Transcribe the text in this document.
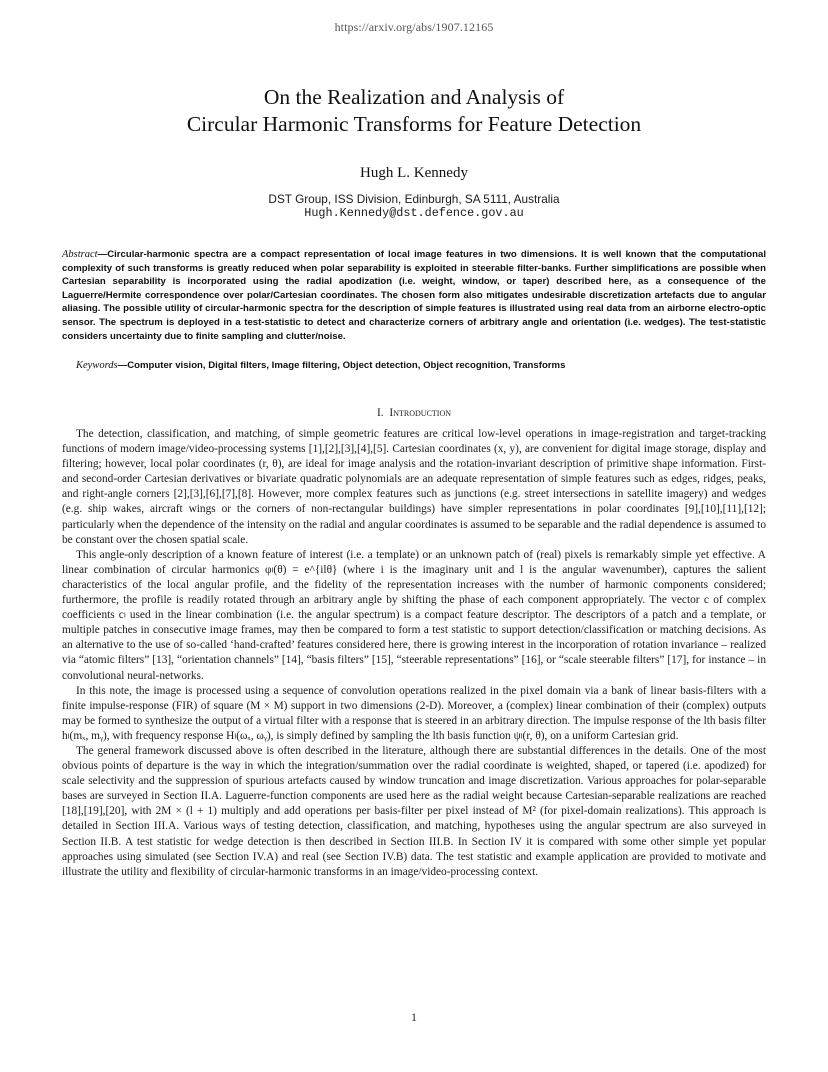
https://arxiv.org/abs/1907.12165
On the Realization and Analysis of
Circular Harmonic Transforms for Feature Detection
Hugh L. Kennedy
DST Group, ISS Division, Edinburgh, SA 5111, Australia
Hugh.Kennedy@dst.defence.gov.au
Abstract—Circular-harmonic spectra are a compact representation of local image features in two dimensions. It is well known that the computational complexity of such transforms is greatly reduced when polar separability is exploited in steerable filter-banks. Further simplifications are possible when Cartesian separability is incorporated using the radial apodization (i.e. weight, window, or taper) described here, as a consequence of the Laguerre/Hermite correspondence over polar/Cartesian coordinates. The chosen form also mitigates undesirable discretization artefacts due to angular aliasing. The possible utility of circular-harmonic spectra for the description of simple features is illustrated using real data from an airborne electro-optic sensor. The spectrum is deployed in a test-statistic to detect and characterize corners of arbitrary angle and orientation (i.e. wedges). The test-statistic considers uncertainty due to finite sampling and clutter/noise.
Keywords—Computer vision, Digital filters, Image filtering, Object detection, Object recognition, Transforms
I. Introduction

The detection, classification, and matching, of simple geometric features are critical low-level operations in image-registration and target-tracking functions of modern image/video-processing systems [1],[2],[3],[4],[5]. Cartesian coordinates (x, y), are convenient for digital image storage, display and filtering; however, local polar coordinates (r, θ), are ideal for image analysis and the rotation-invariant description of primitive shape information. First- and second-order Cartesian derivatives or bivariate quadratic polynomials are an adequate representation of simple features such as edges, ridges, peaks, and right-angle corners [2],[3],[6],[7],[8]. However, more complex features such as junctions (e.g. street intersections in satellite imagery) and wedges (e.g. ship wakes, aircraft wings or the corners of non-rectangular buildings) have simpler representations in polar coordinates [9],[10],[11],[12]; particularly when the dependence of the intensity on the radial and angular coordinates is assumed to be separable and the radial dependence is assumed to be constant over the chosen spatial scale.

This angle-only description of a known feature of interest (i.e. a template) or an unknown patch of (real) pixels is remarkably simple yet effective. A linear combination of circular harmonics φₗ(θ) = e^{ilθ} (where i is the imaginary unit and l is the angular wavenumber), captures the salient characteristics of the local angular profile, and the fidelity of the representation increases with the number of harmonic components considered; furthermore, the profile is readily rotated through an arbitrary angle by shifting the phase of each component appropriately. The vector c of complex coefficients cₗ used in the linear combination (i.e. the angular spectrum) is a compact feature descriptor. The descriptors of a patch and a template, or multiple patches in consecutive image frames, may then be compared to form a test statistic to support detection/classification or matching decisions. As an alternative to the use of so-called ‘hand-crafted’ features considered here, there is growing interest in the incorporation of rotation invariance – realized via “atomic filters” [13], “orientation channels” [14], “basis filters” [15], “steerable representations” [16], or “scale steerable filters” [17], for instance – in convolutional neural-networks.

In this note, the image is processed using a sequence of convolution operations realized in the pixel domain via a bank of linear basis-filters with a finite impulse-response (FIR) of square (M × M) support in two dimensions (2-D). Moreover, a (complex) linear combination of their (complex) outputs may be formed to synthesize the output of a virtual filter with a response that is steered in an arbitrary direction. The impulse response of the lth basis filter hₗ(mₓ, mᵧ), with frequency response Hₗ(ωₓ, ωᵧ), is simply defined by sampling the lth basis function ψₗ(r, θ), on a uniform Cartesian grid.

The general framework discussed above is often described in the literature, although there are substantial differences in the details. One of the most obvious points of departure is the way in which the integration/summation over the radial coordinate is weighted, shaped, or tapered (i.e. apodized) for scale selectivity and the suppression of spurious artefacts caused by window truncation and image discretization. Various approaches for polar-separable bases are surveyed in Section II.A. Laguerre-function components are used here as the radial weight because Cartesian-separable realizations are reached [18],[19],[20], with 2M × (l + 1) multiply and add operations per basis-filter per pixel instead of M² (for pixel-domain realizations). This approach is detailed in Section III.A. Various ways of testing detection, classification, and matching, hypotheses using the angular spectrum are also surveyed in Section II.B. A test statistic for wedge detection is then described in Section III.B. In Section IV it is compared with some other simple yet popular approaches using simulated (see Section IV.A) and real (see Section IV.B) data. The test statistic and example application are provided to motivate and illustrate the utility and flexibility of circular-harmonic transforms in an image/video-processing context.

1
